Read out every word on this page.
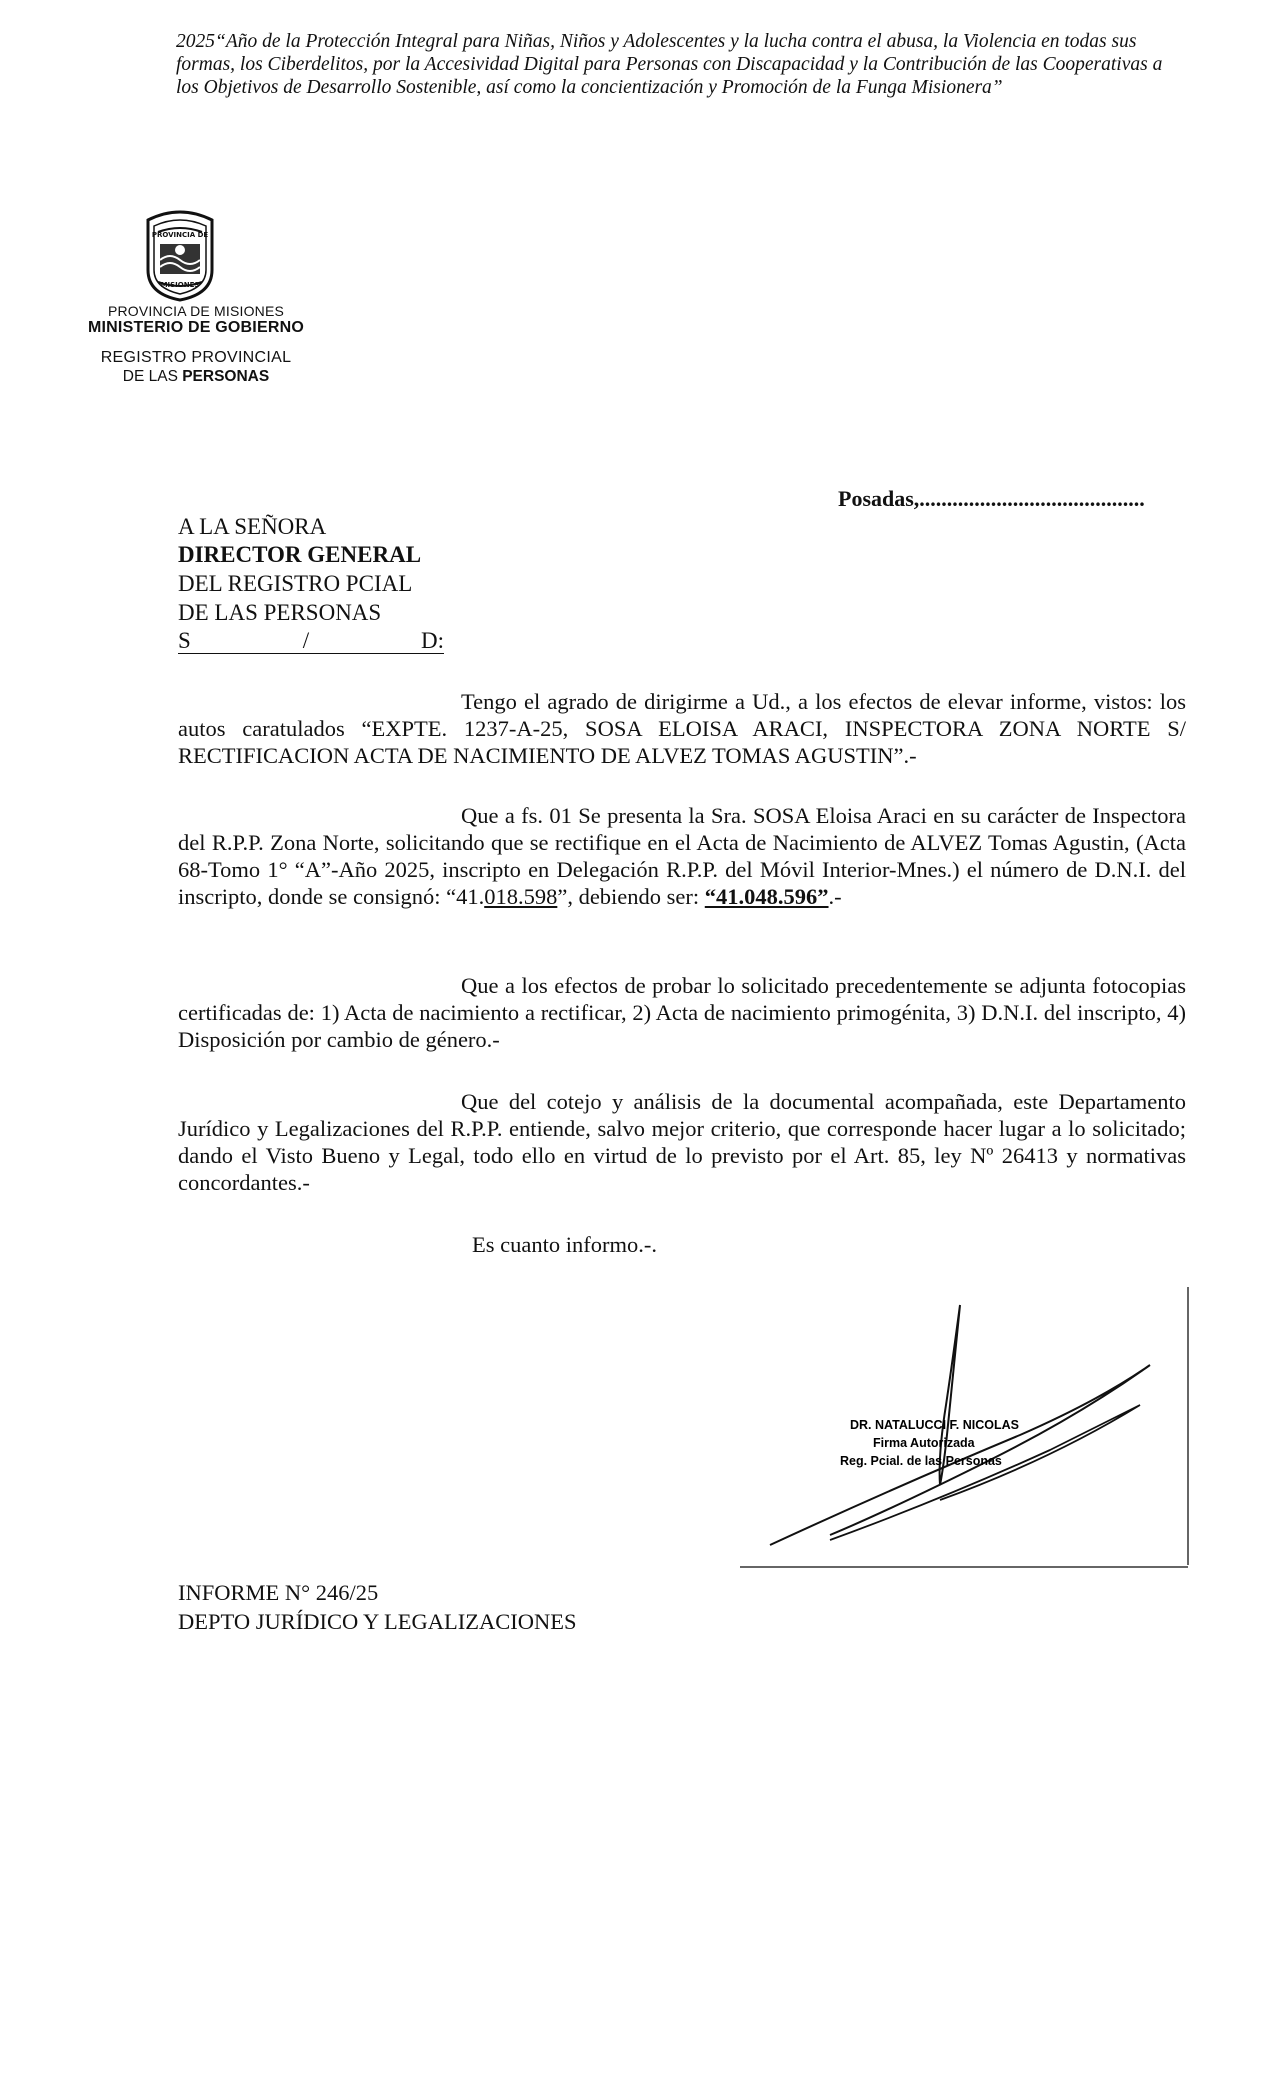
2025“Año de la Protección Integral para Niñas, Niños y Adolescentes y la lucha contra el abusa, la Violencia en todas sus formas, los Ciberdelitos, por la Accesividad Digital para Personas con Discapacidad y la Contribución de las Cooperativas a los Objetivos de Desarrollo Sostenible, así como la concientización y Promoción de la Funga Misionera”
PROVINCIA DE
MISIONES
PROVINCIA DE MISIONES
MINISTERIO DE GOBIERNO
REGISTRO PROVINCIAL
DE LAS PERSONAS
Posadas,.........................................
A LA SEÑORA
DIRECTOR GENERAL
DEL REGISTRO PCIAL
DE LAS PERSONAS
S	/	D:

Tengo el agrado de dirigirme a Ud., a los efectos de elevar informe, vistos: los autos caratulados “EXPTE. 1237-A-25, SOSA ELOISA ARACI, INSPECTORA ZONA NORTE S/ RECTIFICACION ACTA DE NACIMIENTO DE ALVEZ TOMAS AGUSTIN”.-

Que a fs. 01 Se presenta la Sra. SOSA Eloisa Araci en su carácter de Inspectora del R.P.P. Zona Norte, solicitando que se rectifique en el Acta de Nacimiento de ALVEZ Tomas Agustin, (Acta 68-Tomo 1° “A”-Año 2025, inscripto en Delegación R.P.P. del Móvil Interior-Mnes.) el número de D.N.I. del inscripto, donde se consignó: “41.018.598”, debiendo ser: “41.048.596”.-

Que a los efectos de probar lo solicitado precedentemente se adjunta fotocopias certificadas de: 1) Acta de nacimiento a rectificar, 2) Acta de nacimiento primogénita, 3) D.N.I. del inscripto, 4) Disposición por cambio de género.-

Que del cotejo y análisis de la documental acompañada, este Departamento Jurídico y Legalizaciones del R.P.P. entiende, salvo mejor criterio, que corresponde hacer lugar a lo solicitado; dando el Visto Bueno y Legal, todo ello en virtud de lo previsto por el Art. 85, ley Nº 26413 y normativas concordantes.-

Es cuanto informo.-.
DR. NATALUCCI F. NICOLAS
Firma Autorizada
Reg. Pcial. de las Personas
INFORME N° 246/25
DEPTO JURÍDICO Y LEGALIZACIONES
